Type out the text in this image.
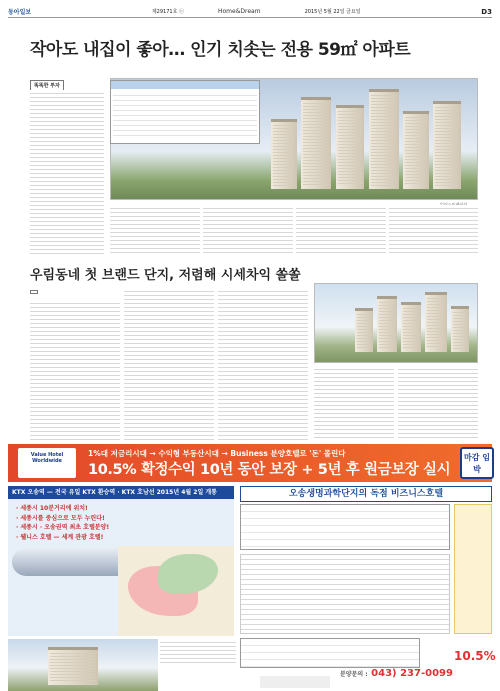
동아일보	제29171호 ⓒ	Home&Dream	2015년 5월 22일 금요일	D3
작아도 내집이 좋아… 인기 치솟는 전용 59㎡ 아파트
똑똑한 투자
우림동네 첫 브랜드 단지, 저렴해 시세차익 쏠쏠
Value Hotel Worldwide
1%대 저금리시대 → 수익형 부동산시대 → Business 분양호텔로 '돈' 몰린다
10.5% 확정수익 10년 동안 보장 + 5년 후 원금보장 실시
마감 임박
KTX 오송역 — 전국 유일 KTX 환승역 · KTX 호남선 2015년 4월 2일 개통
· 세종시 10분거리에 위치!
· 세종시를 중심으로 모두 누린다!
· 세종시 · 오송권역 최초 호텔분양!
· 웰니스 호텔 — 세계 관광 호텔!
오송생명과학단지의 독점 비즈니스호텔
10.5%
분양문의 : 043) 237-0099
